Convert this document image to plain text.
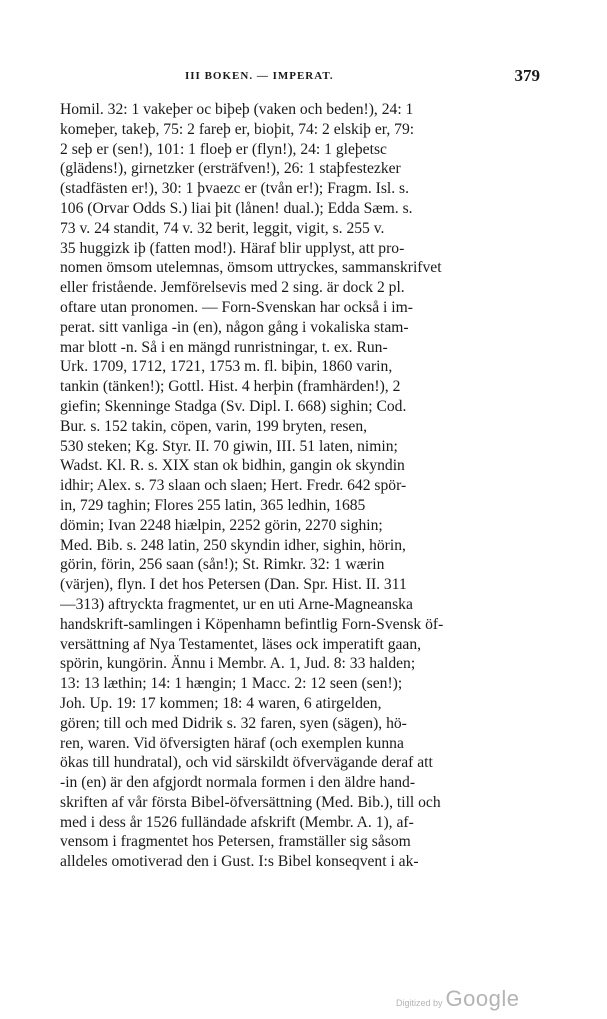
III BOKEN. — IMPERAT.	379
Homil. 32: 1 vakeþer oc biþeþ (vaken och beden!), 24: 1
komeþer, takeþ, 75: 2 fareþ er, bioþit, 74: 2 elskiþ er, 79:
2 seþ er (sen!), 101: 1 floeþ er (flyn!), 24: 1 gleþetsc
(glädens!), girnetzker (ersträfven!), 26: 1 staþfestezker
(stadfästen er!), 30: 1 þvaezc er (tvån er!); Fragm. Isl. s.
106 (Orvar Odds S.) liai þit (lånen! dual.); Edda Sæm. s.
73 v. 24 standit, 74 v. 32 berit, leggit, vigit, s. 255 v.
35 huggizk iþ (fatten mod!). Häraf blir upplyst, att pro-
nomen ömsom utelemnas, ömsom uttryckes, sammanskrifvet
eller fristående. Jemförelsevis med 2 sing. är dock 2 pl.
oftare utan pronomen. — Forn-Svenskan har också i im-
perat. sitt vanliga -in (en), någon gång i vokaliska stam-
mar blott -n. Så i en mängd runristningar, t. ex. Run-
Urk. 1709, 1712, 1721, 1753 m. fl. biþin, 1860 varin,
tankin (tänken!); Gottl. Hist. 4 herþin (framhärden!), 2
giefin; Skenninge Stadga (Sv. Dipl. I. 668) sighin; Cod.
Bur. s. 152 takin, cöpen, varin, 199 bryten, resen,
530 steken; Kg. Styr. II. 70 giwin, III. 51 laten, nimin;
Wadst. Kl. R. s. XIX stan ok bidhin, gangin ok skyndin
idhir; Alex. s. 73 slaan och slaen; Hert. Fredr. 642 spör-
in, 729 taghin; Flores 255 latin, 365 ledhin, 1685
dömin; Ivan 2248 hiælpin, 2252 görin, 2270 sighin;
Med. Bib. s. 248 latin, 250 skyndin idher, sighin, hörin,
görin, förin, 256 saan (sån!); St. Rimkr. 32: 1 wærin
(värjen), flyn. I det hos Petersen (Dan. Spr. Hist. II. 311
—313) aftryckta fragmentet, ur en uti Arne-Magneanska
handskrift-samlingen i Köpenhamn befintlig Forn-Svensk öf-
versättning af Nya Testamentet, läses ock imperatift gaan,
spörin, kungörin. Ännu i Membr. A. 1, Jud. 8: 33 halden;
13: 13 læthin; 14: 1 hængin; 1 Macc. 2: 12 seen (sen!);
Joh. Up. 19: 17 kommen; 18: 4 waren, 6 atirgelden,
gören; till och med Didrik s. 32 faren, syen (sägen), hö-
ren, waren. Vid öfversigten häraf (och exemplen kunna
ökas till hundratal), och vid särskildt öfvervägande deraf att
-in (en) är den afgjordt normala formen i den äldre hand-
skriften af vår första Bibel-öfversättning (Med. Bib.), till och
med i dess år 1526 fulländade afskrift (Membr. A. 1), af-
vensom i fragmentet hos Petersen, framställer sig såsom
alldeles omotiverad den i Gust. I:s Bibel konseqvent i ak-
Digitized by Google
